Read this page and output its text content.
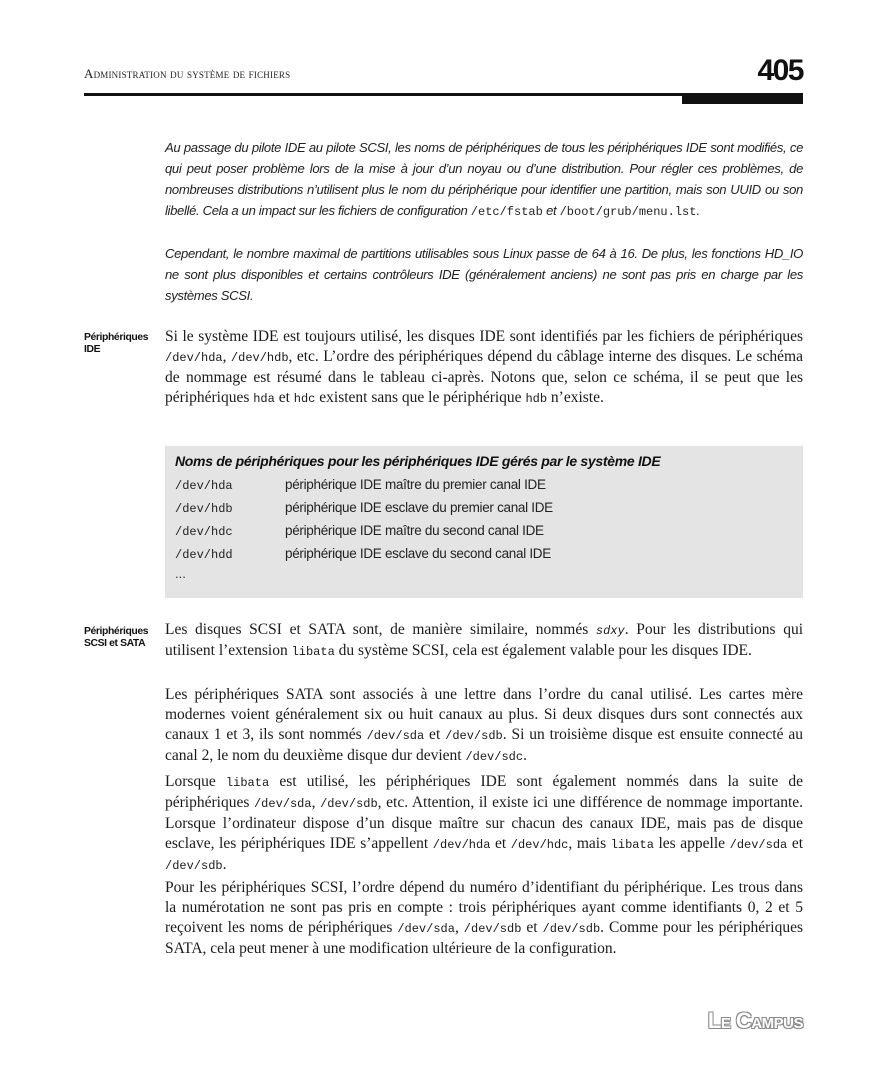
Administration du système de fichiers	405
Au passage du pilote IDE au pilote SCSI, les noms de périphériques de tous les périphériques IDE sont modifiés, ce qui peut poser problème lors de la mise à jour d’un noyau ou d’une distribution. Pour régler ces problèmes, de nombreuses distributions n’utilisent plus le nom du périphérique pour identifier une partition, mais son UUID ou son libellé. Cela a un impact sur les fichiers de configuration /etc/fstab et /boot/grub/menu.lst.
Cependant, le nombre maximal de partitions utilisables sous Linux passe de 64 à 16. De plus, les fonctions HD_IO ne sont plus disponibles et certains contrôleurs IDE (généralement anciens) ne sont pas pris en charge par les systèmes SCSI.
Périphériques
IDE
Si le système IDE est toujours utilisé, les disques IDE sont identifiés par les fichiers de périphériques /dev/hda, /dev/hdb, etc. L’ordre des périphériques dépend du câblage interne des disques. Le schéma de nommage est résumé dans le tableau ci-après. Notons que, selon ce schéma, il se peut que les périphériques hda et hdc existent sans que le périphérique hdb n’existe.
Noms de périphériques pour les périphériques IDE gérés par le système IDE
/dev/hda	périphérique IDE maître du premier canal IDE
/dev/hdb	périphérique IDE esclave du premier canal IDE
/dev/hdc	périphérique IDE maître du second canal IDE
/dev/hdd	périphérique IDE esclave du second canal IDE
...
Périphériques
SCSI et SATA
Les disques SCSI et SATA sont, de manière similaire, nommés sdxy. Pour les distributions qui utilisent l’extension libata du système SCSI, cela est également valable pour les disques IDE.
Les périphériques SATA sont associés à une lettre dans l’ordre du canal utilisé. Les cartes mère modernes voient généralement six ou huit canaux au plus. Si deux disques durs sont connectés aux canaux 1 et 3, ils sont nommés /dev/sda et /dev/sdb. Si un troisième disque est ensuite connecté au canal 2, le nom du deuxième disque dur devient /dev/sdc.
Lorsque libata est utilisé, les périphériques IDE sont également nommés dans la suite de périphériques /dev/sda, /dev/sdb, etc. Attention, il existe ici une différence de nommage importante. Lorsque l’ordinateur dispose d’un disque maître sur chacun des canaux IDE, mais pas de disque esclave, les périphériques IDE s’appellent /dev/hda et /dev/hdc, mais libata les appelle /dev/sda et /dev/sdb.
Pour les périphériques SCSI, l’ordre dépend du numéro d’identifiant du périphérique. Les trous dans la numérotation ne sont pas pris en compte : trois périphériques ayant comme identifiants 0, 2 et 5 reçoivent les noms de périphériques /dev/sda, /dev/sdb et /dev/sdb. Comme pour les périphériques SATA, cela peut mener à une modification ultérieure de la configuration.
Le Campus
